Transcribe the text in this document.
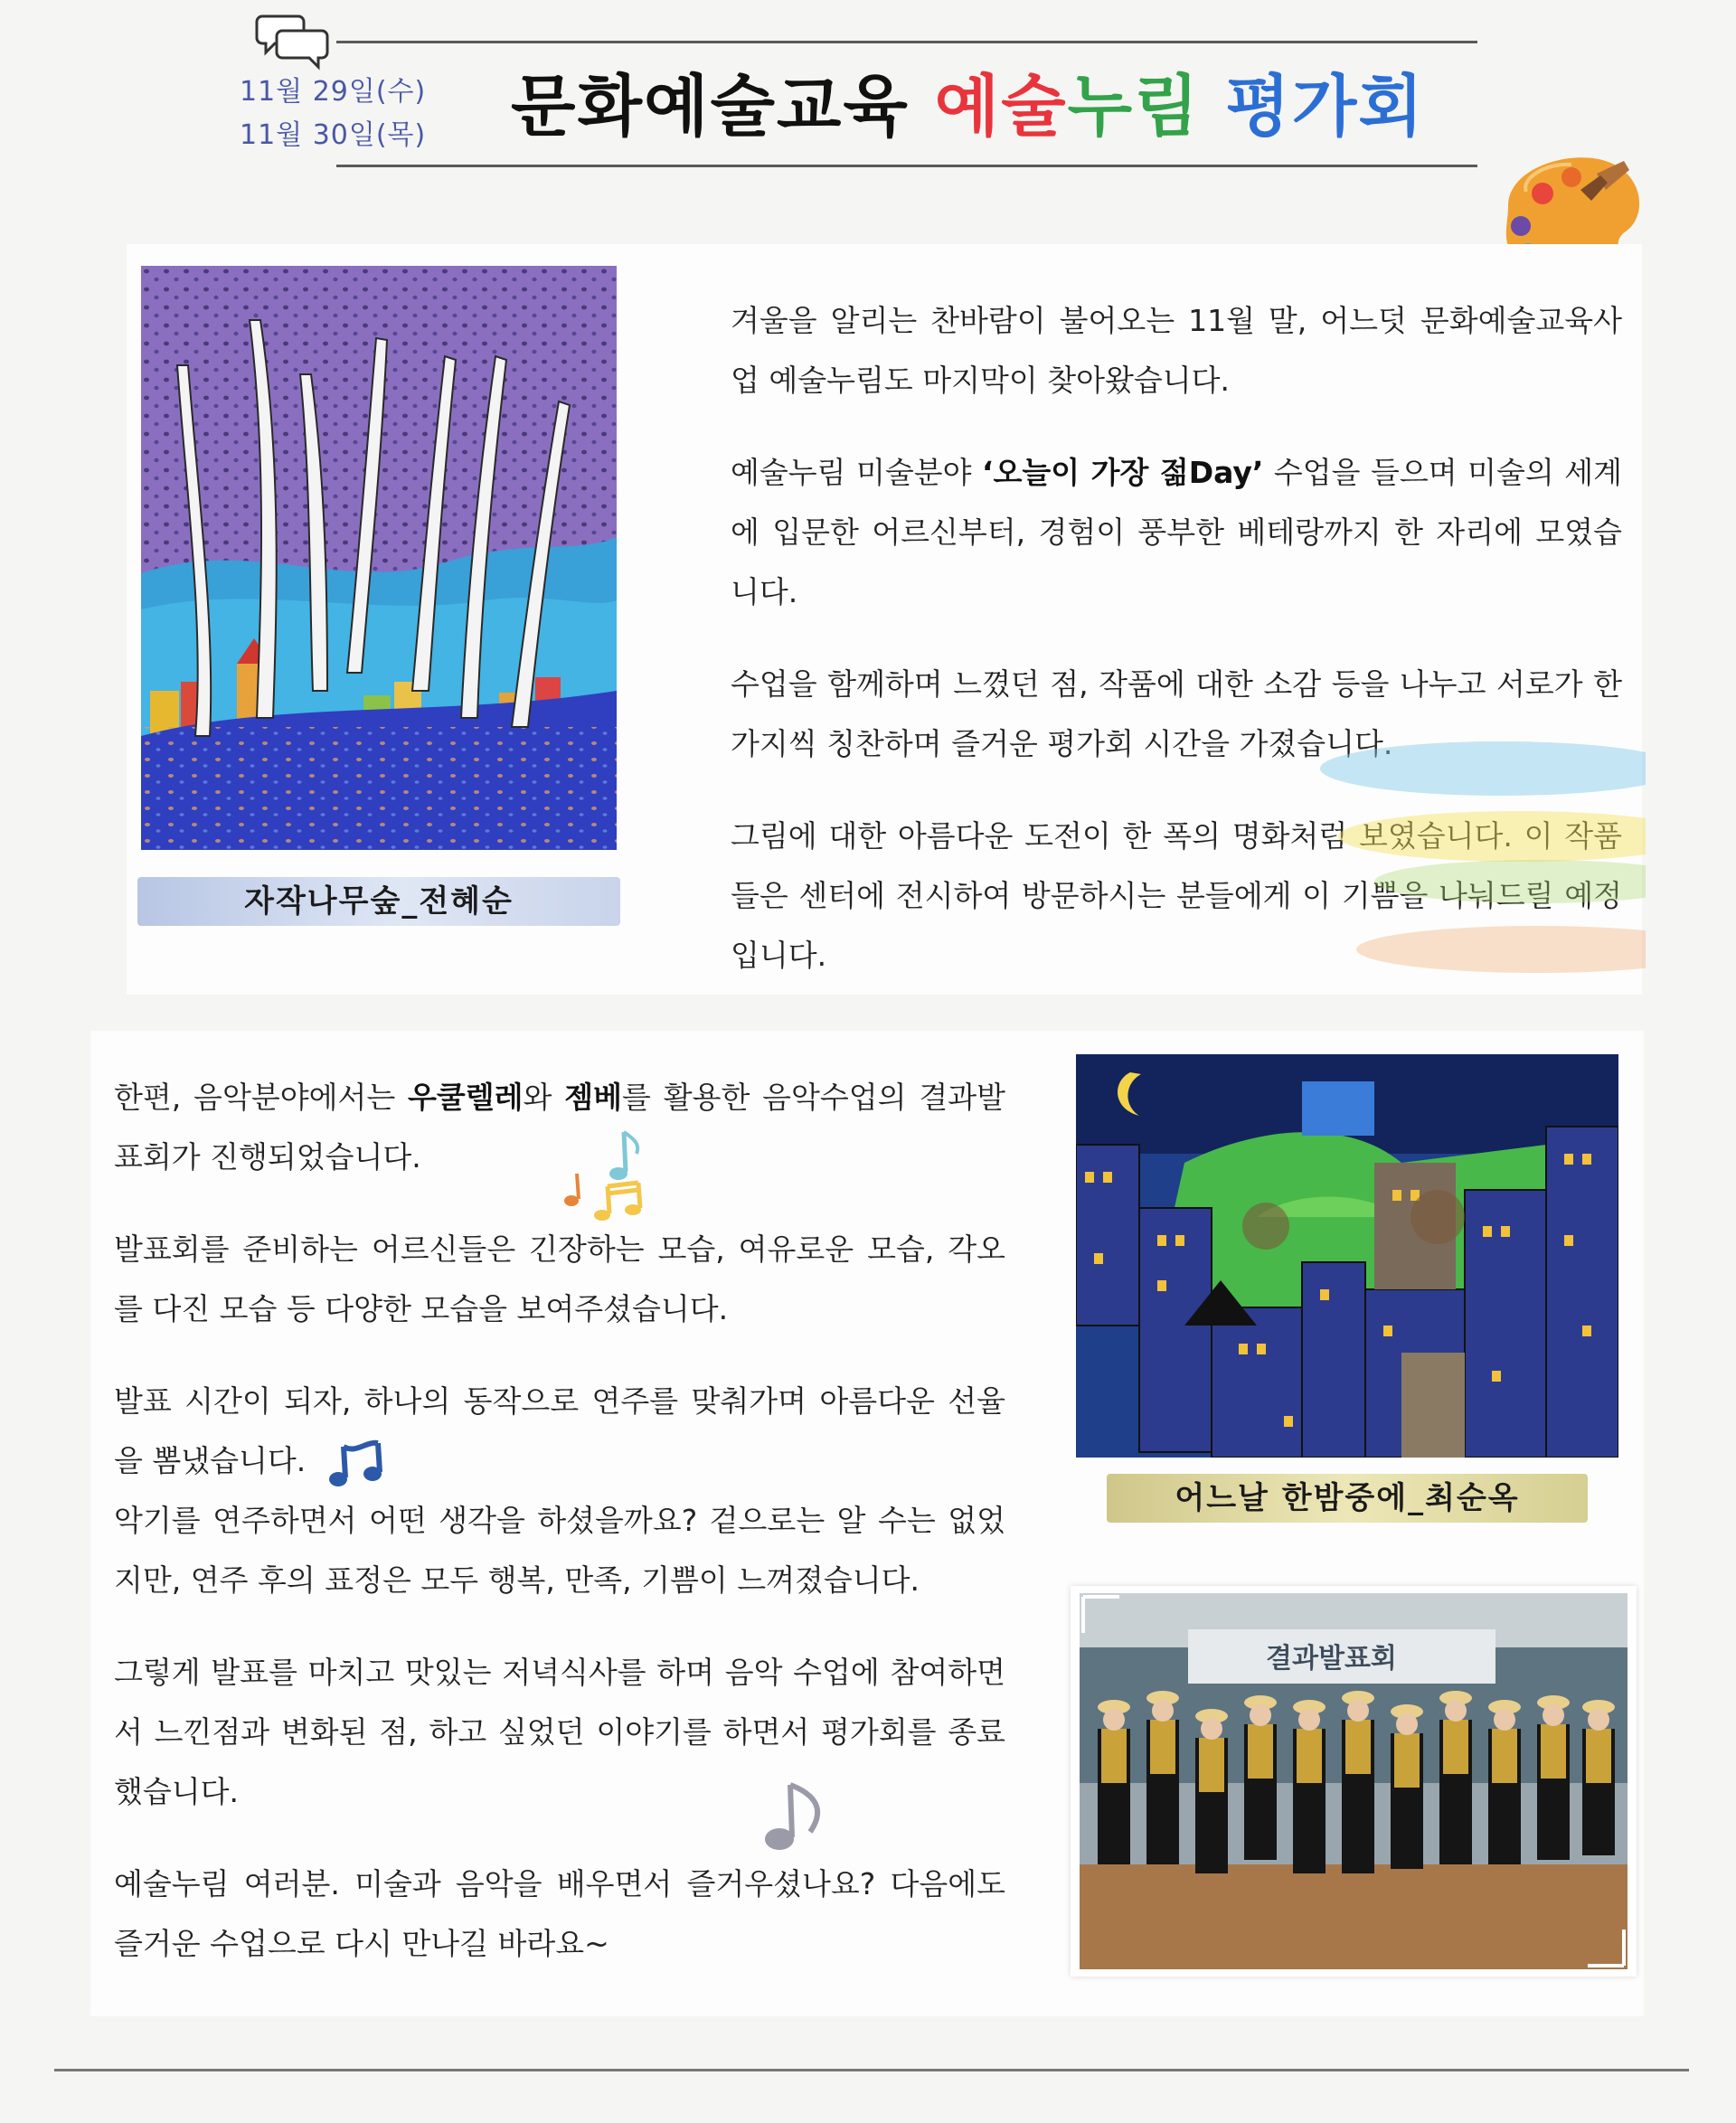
11월 29일(수)
11월 30일(목) 문화예술교육 예술누림 평가회
자작나무숲_전혜순

겨울을 알리는 찬바람이 불어오는 11월 말, 어느덧 문화예술교육사업 예술누림도 마지막이 찾아왔습니다.

예술누림 미술분야 ‘오늘이 가장 젊Day’ 수업을 들으며 미술의 세계에 입문한 어르신부터, 경험이 풍부한 베테랑까지 한 자리에 모였습니다.

수업을 함께하며 느꼈던 점, 작품에 대한 소감 등을 나누고 서로가 한가지씩 칭찬하며 즐거운 평가회 시간을 가졌습니다.

그림에 대한 아름다운 도전이 한 폭의 명화처럼 보였습니다. 이 작품들은 센터에 전시하여 방문하시는 분들에게 이 기쁨을 나눠드릴 예정입니다.

한편, 음악분야에서는 우쿨렐레와 젬베를 활용한 음악수업의 결과발표회가 진행되었습니다.

발표회를 준비하는 어르신들은 긴장하는 모습, 여유로운 모습, 각오를 다진 모습 등 다양한 모습을 보여주셨습니다.

발표 시간이 되자, 하나의 동작으로 연주를 맞춰가며 아름다운 선율을 뽐냈습니다.

악기를 연주하면서 어떤 생각을 하셨을까요? 겉으로는 알 수는 없었지만, 연주 후의 표정은 모두 행복, 만족, 기쁨이 느껴졌습니다.

그렇게 발표를 마치고 맛있는 저녁식사를 하며 음악 수업에 참여하면서 느낀점과 변화된 점, 하고 싶었던 이야기를 하면서 평가회를 종료했습니다.

예술누림 여러분. 미술과 음악을 배우면서 즐거우셨나요? 다음에도 즐거운 수업으로 다시 만나길 바라요~

어느날 한밤중에_최순옥
결과발표회
